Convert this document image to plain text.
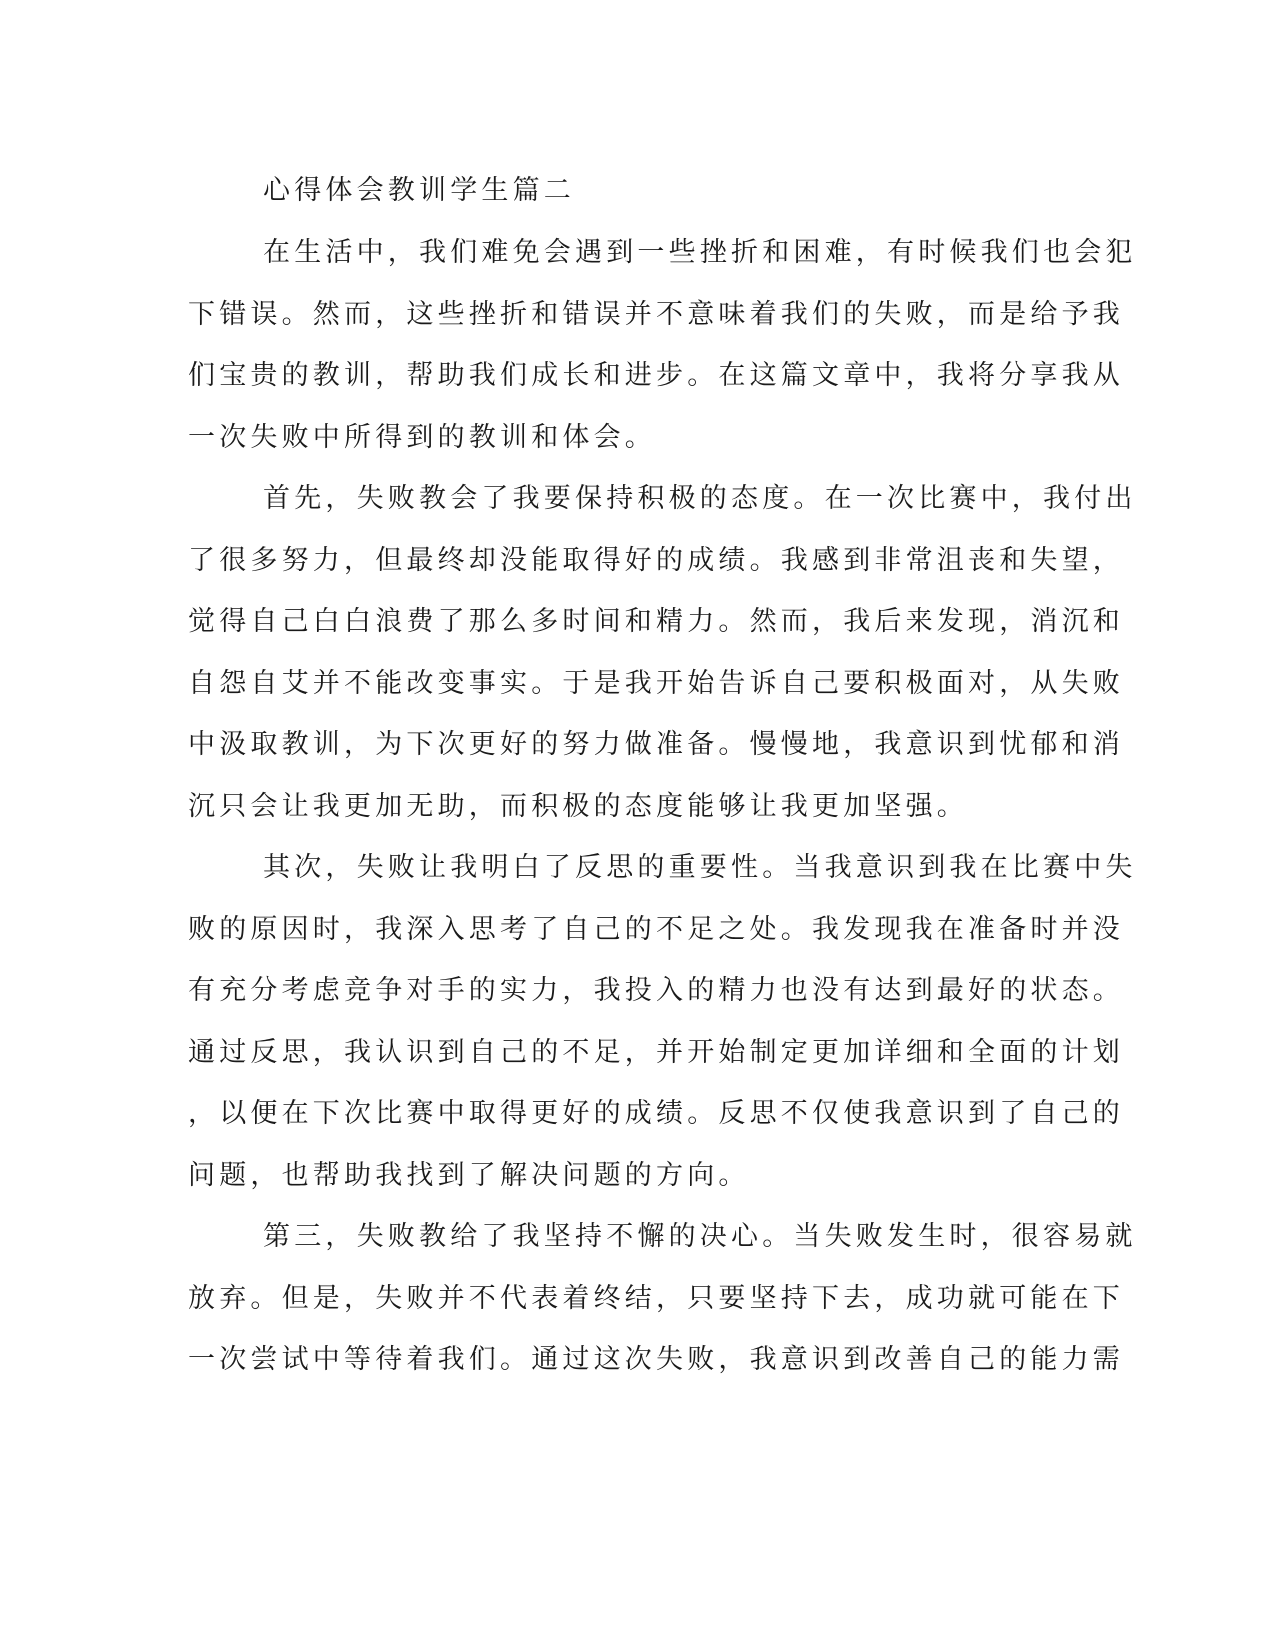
心得体会教训学生篇二

在生活中，我们难免会遇到一些挫折和困难，有时候我们也会犯

下错误。然而，这些挫折和错误并不意味着我们的失败，而是给予我

们宝贵的教训，帮助我们成长和进步。在这篇文章中，我将分享我从

一次失败中所得到的教训和体会。

首先，失败教会了我要保持积极的态度。在一次比赛中，我付出

了很多努力，但最终却没能取得好的成绩。我感到非常沮丧和失望，

觉得自己白白浪费了那么多时间和精力。然而，我后来发现，消沉和

自怨自艾并不能改变事实。于是我开始告诉自己要积极面对，从失败

中汲取教训，为下次更好的努力做准备。慢慢地，我意识到忧郁和消

沉只会让我更加无助，而积极的态度能够让我更加坚强。

其次，失败让我明白了反思的重要性。当我意识到我在比赛中失

败的原因时，我深入思考了自己的不足之处。我发现我在准备时并没

有充分考虑竞争对手的实力，我投入的精力也没有达到最好的状态。

通过反思，我认识到自己的不足，并开始制定更加详细和全面的计划

，以便在下次比赛中取得更好的成绩。反思不仅使我意识到了自己的

问题，也帮助我找到了解决问题的方向。

第三，失败教给了我坚持不懈的决心。当失败发生时，很容易就

放弃。但是，失败并不代表着终结，只要坚持下去，成功就可能在下

一次尝试中等待着我们。通过这次失败，我意识到改善自己的能力需
